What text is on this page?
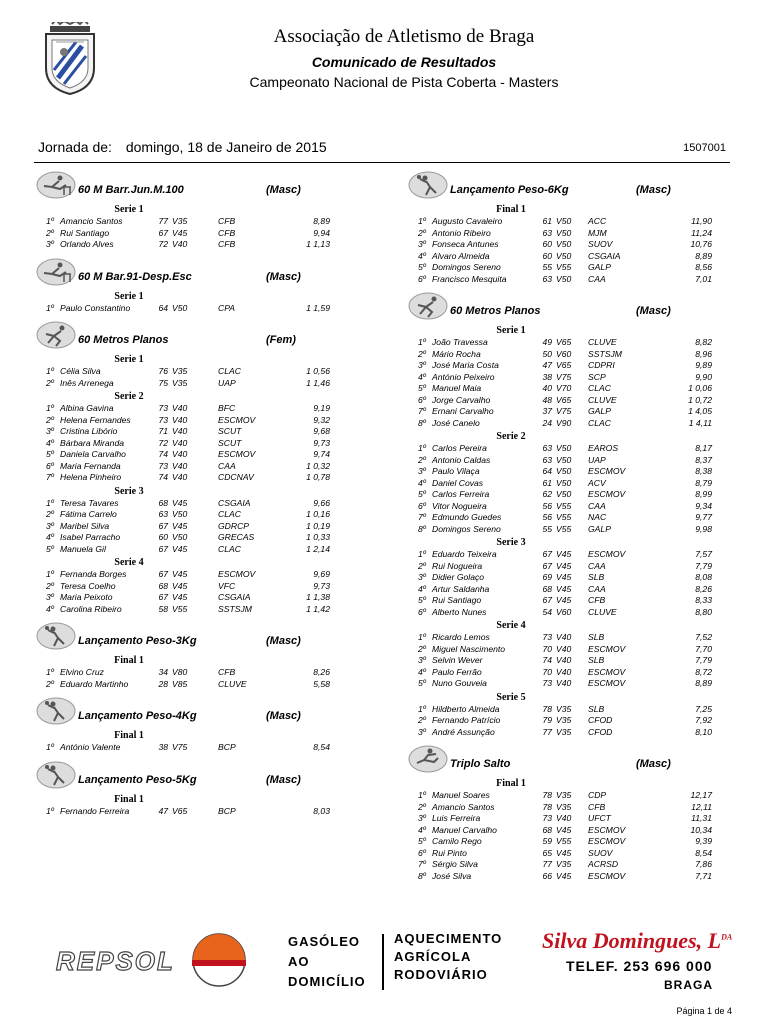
Associação de Atletismo de Braga
Comunicado de Resultados
Campeonato Nacional de Pista Coberta - Masters
Jornada de: domingo, 18 de Janeiro de 2015	1507001
60 M Barr.Jun.M.100	(Masc)
Serie 1
1º Amancio Santos	77 V35	CFB	8,89
2º Rui Santiago	67 V45	CFB	9,94
3º Orlando Alves	72 V40	CFB	1 1,13
60 M Bar.91-Desp.Esc	(Masc)
Serie 1
1º Paulo Constantino	64 V50	CPA	1 1,59
60 Metros Planos	(Fem)
Serie 1
1º Célia Silva	76 V35	CLAC	1 0,56
2º Inês Arrenega	75 V35	UAP	1 1,46
Serie 2
1º Albina Gavina	73 V40	BFC	9,19
2º Helena Fernandes	73 V40	ESCMOV	9,32
3º Cristina Libório	71 V40	SCUT	9,68
4º Bárbara Miranda	72 V40	SCUT	9,73
5º Daniela Carvalho	74 V40	ESCMOV	9,74
6º Maria Fernanda	73 V40	CAA	1 0,32
7º Helena Pinheiro	74 V40	CDCNAV	1 0,78
Serie 3
1º Teresa Tavares	68 V45	CSGAIA	9,66
2º Fátima Carrelo	63 V50	CLAC	1 0,16
3º Maribel Silva	67 V45	GDRCP	1 0,19
4º Isabel Parracho	60 V50	GRECAS	1 0,33
5º Manuela Gil	67 V45	CLAC	1 2,14
Serie 4
1º Fernanda Borges	67 V45	ESCMOV	9,69
2º Teresa Coelho	68 V45	VFC	9,73
3º Maria Peixoto	67 V45	CSGAIA	1 1,38
4º Carolina Ribeiro	58 V55	SSTSJM	1 1,42
Lançamento Peso-3Kg	(Masc)
Final 1
1º Elvino Cruz	34 V80	CFB	8,26
2º Eduardo Martinho	28 V85	CLUVE	5,58
Lançamento Peso-4Kg	(Masc)
Final 1
1º António Valente	38 V75	BCP	8,54
Lançamento Peso-5Kg	(Masc)
Final 1
1º Fernando Ferreira	47 V65	BCP	8,03
Lançamento Peso-6Kg	(Masc)
Final 1
1º Augusto Cavaleiro	61 V50 ACC	11,90
2º Antonio Ribeiro	63 V50 MJM	11,24
3º Fonseca Antunes	60 V50 SUOV	10,76
4º Alvaro Almeida	60 V50 CSGAIA	8,89
5º Domingos Sereno	55 V55 GALP	8,56
6º Francisco Mesquita	63 V50 CAA	7,01
60 Metros Planos	(Masc)
Serie 1
1º João Travessa	49 V65 CLUVE	8,82
2º Mário Rocha	50 V60 SSTSJM	8,96
3º José Maria Costa	47 V65 CDPRI	9,89
4º António Peixeiro	38 V75 SCP	9,90
5º Manuel Maia	40 V70 CLAC	1 0,06
6º Jorge Carvalho	48 V65 CLUVE	1 0,72
7º Ernani Carvalho	37 V75 GALP	1 4,05
8º José Canelo	24 V90 CLAC	1 4,11
Serie 2
1º Carlos Pereira	63 V50 EAROS	8,17
2º Antonio Caldas	63 V50 UAP	8,37
3º Paulo Vilaça	64 V50 ESCMOV	8,38
4º Daniel Covas	61 V50 ACV	8,79
5º Carlos Ferreira	62 V50 ESCMOV	8,99
6º Vitor Nogueira	56 V55 CAA	9,34
7º Edmundo Guedes	56 V55 NAC	9,77
8º Domingos Sereno	55 V55 GALP	9,98
Serie 3
1º Eduardo Teixeira	67 V45 ESCMOV	7,57
2º Rui Nogueira	67 V45 CAA	7,79
3º Didier Golaço	69 V45 SLB	8,08
4º Artur Saldanha	68 V45 CAA	8,26
5º Rui Santiago	67 V45 CFB	8,33
6º Alberto Nunes	54 V60 CLUVE	8,80
Serie 4
1º Ricardo Lemos	73 V40 SLB	7,52
2º Miguel Nascimento	70 V40 ESCMOV	7,70
3º Selvin Wever	74 V40 SLB	7,79
4º Paulo Ferrão	70 V40 ESCMOV	8,72
5º Nuno Gouveia	73 V40 ESCMOV	8,89
Serie 5
1º Hildberto Almeida	78 V35 SLB	7,25
2º Fernando Patrício	79 V35 CFOD	7,92
3º André Assunção	77 V35 CFOD	8,10
Triplo Salto	(Masc)
Final 1
1º Manuel Soares	78 V35 CDP	12,17
2º Amancio Santos	78 V35 CFB	12,11
3º Luis Ferreira	73 V40 UFCT	11,31
4º Manuel Carvalho	68 V45 ESCMOV	10,34
5º Camilo Rego	59 V55 ESCMOV	9,39
6º Rui Pinto	65 V45 SUOV	8,54
7º Sérgio Silva	77 V35 ACRSD	7,86
8º José Silva	66 V45 ESCMOV	7,71
REPSOL
GASÓLEO
AO
DOMICÍLIO
AQUECIMENTO
AGRÍCOLA
RODOVIÁRIO
Silva Domingues, $L^{DA}$
TELEF. 253 696 000
BRAGA
Página 1 de 4
